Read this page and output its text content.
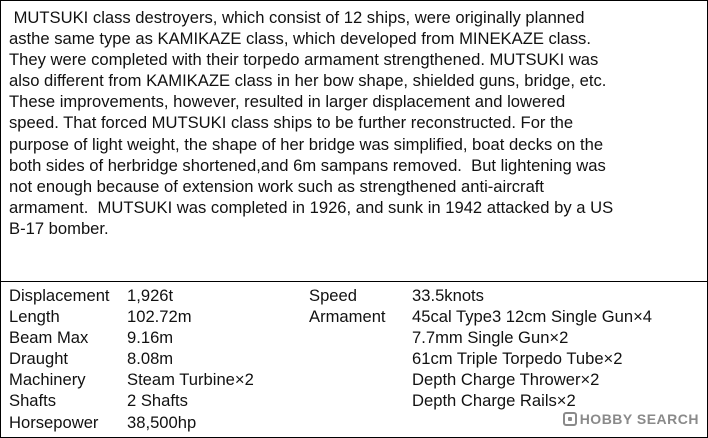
MUTSUKI class destroyers, which consist of 12 ships, were originally planned
asthe same type as KAMIKAZE class, which developed from MINEKAZE class.
They were completed with their torpedo armament strengthened. MUTSUKI was
also different from KAMIKAZE class in her bow shape, shielded guns, bridge, etc.
These improvements, however, resulted in larger displacement and lowered
speed. That forced MUTSUKI class ships to be further reconstructed. For the
purpose of light weight, the shape of her bridge was simplified, boat decks on the
both sides of herbridge shortened,and 6m sampans removed.  But lightening was
not enough because of extension work such as strengthened anti-aircraft
armament.  MUTSUKI was completed in 1926, and sunk in 1942 attacked by a US
B-17 bomber.
Displacement
Length
Beam Max
Draught
Machinery
Shafts
Horsepower
1,926t
102.72m
9.16m
8.08m
Steam Turbine×2
2 Shafts
38,500hp
Speed
Armament
33.5knots
45cal Type3 12cm Single Gun×4
7.7mm Single Gun×2
61cm Triple Torpedo Tube×2
Depth Charge Thrower×2
Depth Charge Rails×2
HOBBY SEARCH
